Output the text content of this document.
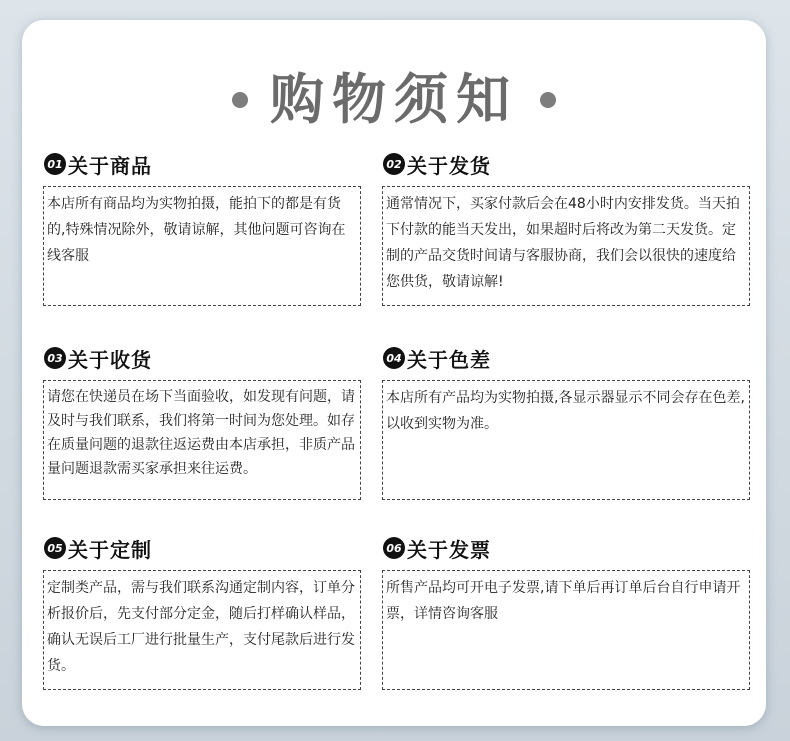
购物须知
01 关于商品

本店所有商品均为实物拍摄，能拍下的都是有货的,特殊情况除外，敬请谅解，其他问题可咨询在线客服

02 关于发货

通常情况下，买家付款后会在48小时内安排发货。当天拍下付款的能当天发出，如果超时后将改为第二天发货。定制的产品交货时间请与客服协商，我们会以很快的速度给您供货，敬请谅解!

03 关于收货

请您在快递员在场下当面验收，如发现有问题，请及时与我们联系，我们将第一时间为您处理。如存在质量问题的退款往返运费由本店承担，非质产品量问题退款需买家承担来往运费。

04 关于色差

本店所有产品均为实物拍摄,各显示器显示不同会存在色差,以收到实物为准。

05 关于定制

定制类产品，需与我们联系沟通定制内容，订单分析报价后，先支付部分定金，随后打样确认样品，确认无误后工厂进行批量生产，支付尾款后进行发货。

06 关于发票

所售产品均可开电子发票,请下单后再订单后台自行申请开票，详情咨询客服
